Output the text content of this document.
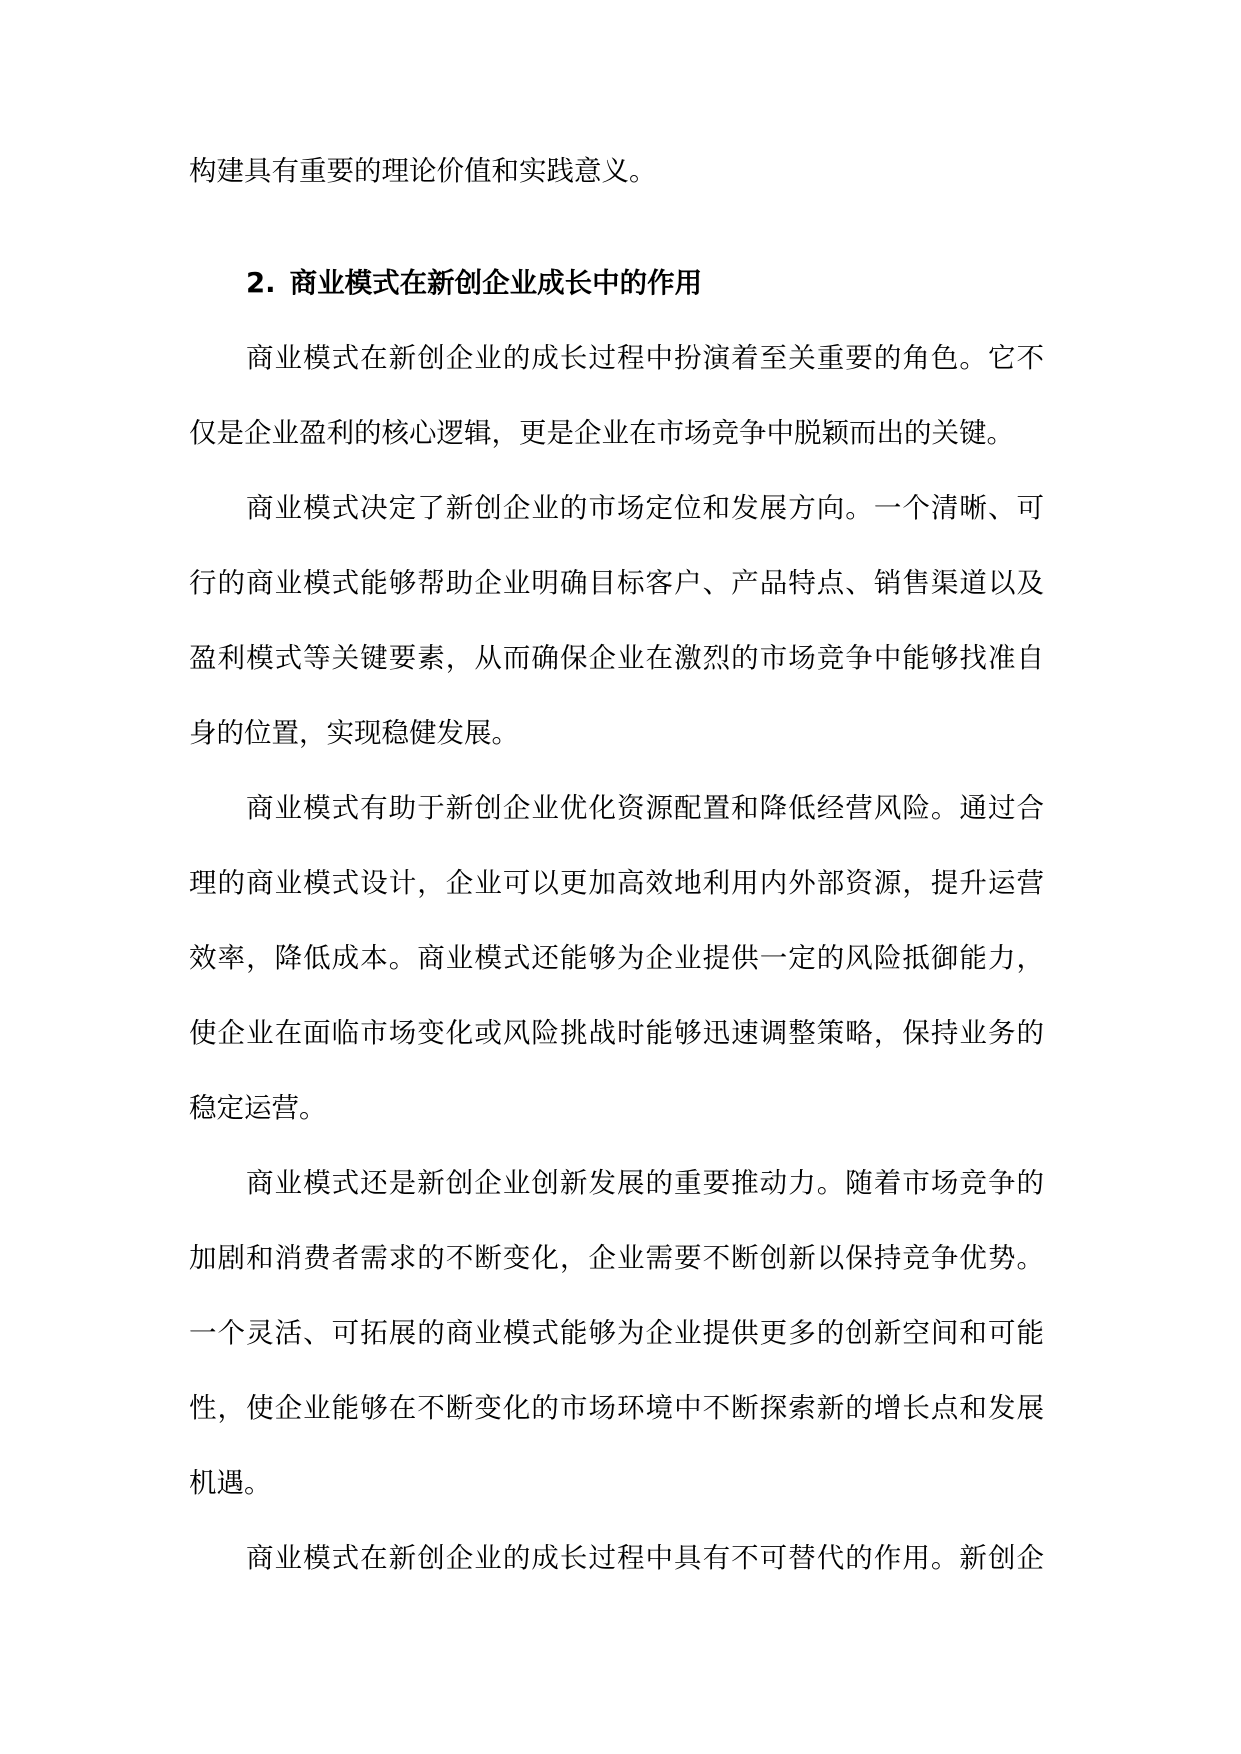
构建具有重要的理论价值和实践意义。
2. 商业模式在新创企业成长中的作用
商业模式在新创企业的成长过程中扮演着至关重要的角色。它不
仅是企业盈利的核心逻辑，更是企业在市场竞争中脱颖而出的关键。
商业模式决定了新创企业的市场定位和发展方向。一个清晰、可
行的商业模式能够帮助企业明确目标客户、产品特点、销售渠道以及
盈利模式等关键要素，从而确保企业在激烈的市场竞争中能够找准自
身的位置，实现稳健发展。
商业模式有助于新创企业优化资源配置和降低经营风险。通过合
理的商业模式设计，企业可以更加高效地利用内外部资源，提升运营
效率，降低成本。商业模式还能够为企业提供一定的风险抵御能力，
使企业在面临市场变化或风险挑战时能够迅速调整策略，保持业务的
稳定运营。
商业模式还是新创企业创新发展的重要推动力。随着市场竞争的
加剧和消费者需求的不断变化，企业需要不断创新以保持竞争优势。
一个灵活、可拓展的商业模式能够为企业提供更多的创新空间和可能
性，使企业能够在不断变化的市场环境中不断探索新的增长点和发展
机遇。
商业模式在新创企业的成长过程中具有不可替代的作用。新创企
